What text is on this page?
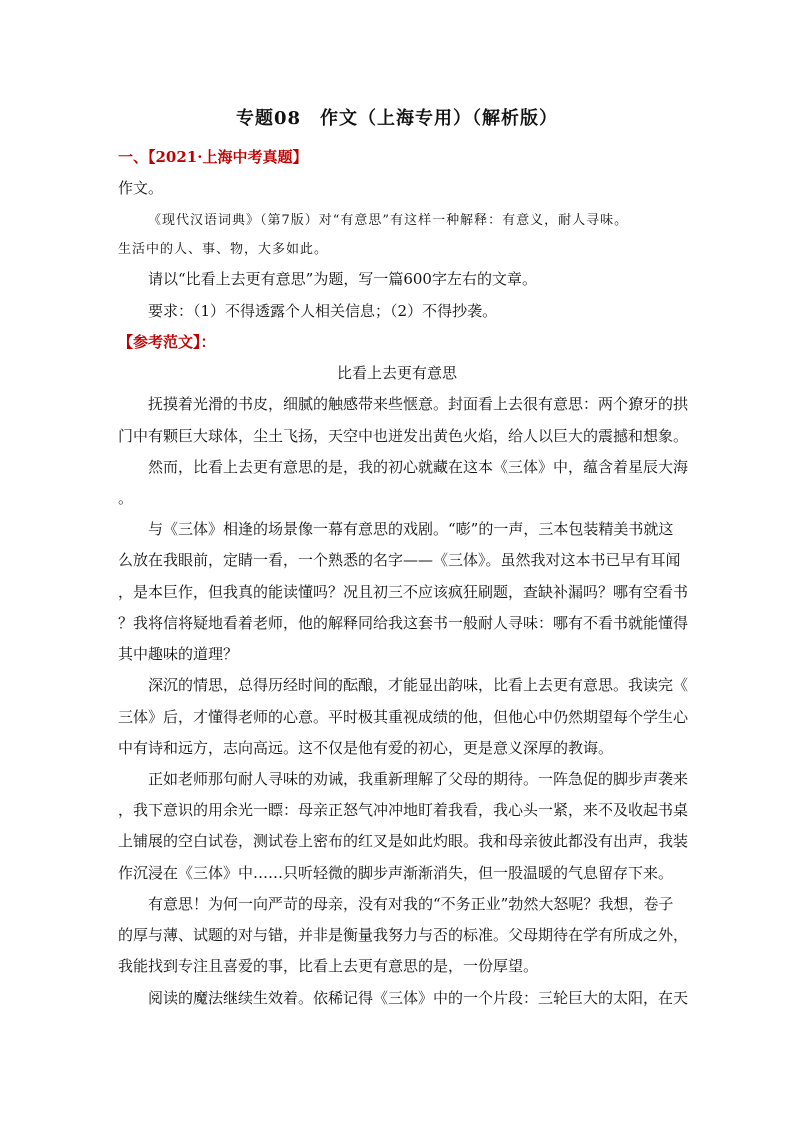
专题08　作文（上海专用）（解析版）
一、【2021·上海中考真题】
作文。
《现代汉语词典》（第7版）对“有意思”有这样一种解释：有意义，耐人寻味。
生活中的人、事、物，大多如此。
请以“比看上去更有意思”为题，写一篇600字左右的文章。
要求：（1）不得透露个人相关信息；（2）不得抄袭。
【参考范文】：
比看上去更有意思
抚摸着光滑的书皮，细腻的触感带来些惬意。封面看上去很有意思：两个獠牙的拱
门中有颗巨大球体，尘土飞扬，天空中也迸发出黄色火焰，给人以巨大的震撼和想象。
然而，比看上去更有意思的是，我的初心就藏在这本《三体》中，蕴含着星辰大海
。
与《三体》相逢的场景像一幕有意思的戏剧。“嘭”的一声，三本包装精美书就这
么放在我眼前，定睛一看，一个熟悉的名字——《三体》。虽然我对这本书已早有耳闻
，是本巨作，但我真的能读懂吗？况且初三不应该疯狂刷题，查缺补漏吗？哪有空看书
？我将信将疑地看着老师，他的解释同给我这套书一般耐人寻味：哪有不看书就能懂得
其中趣味的道理？
深沉的情思，总得历经时间的酝酿，才能显出韵味，比看上去更有意思。我读完《
三体》后，才懂得老师的心意。平时极其重视成绩的他，但他心中仍然期望每个学生心
中有诗和远方，志向高远。这不仅是他有爱的初心，更是意义深厚的教诲。
正如老师那句耐人寻味的劝诫，我重新理解了父母的期待。一阵急促的脚步声袭来
，我下意识的用余光一瞟：母亲正怒气冲冲地盯着我看，我心头一紧，来不及收起书桌
上铺展的空白试卷，测试卷上密布的红叉是如此灼眼。我和母亲彼此都没有出声，我装
作沉浸在《三体》中……只听轻微的脚步声渐渐消失，但一股温暖的气息留存下来。
有意思！为何一向严苛的母亲，没有对我的“不务正业”勃然大怒呢？我想，卷子
的厚与薄、试题的对与错，并非是衡量我努力与否的标准。父母期待在学有所成之外，
我能找到专注且喜爱的事，比看上去更有意思的是，一份厚望。
阅读的魔法继续生效着。依稀记得《三体》中的一个片段：三轮巨大的太阳，在天
